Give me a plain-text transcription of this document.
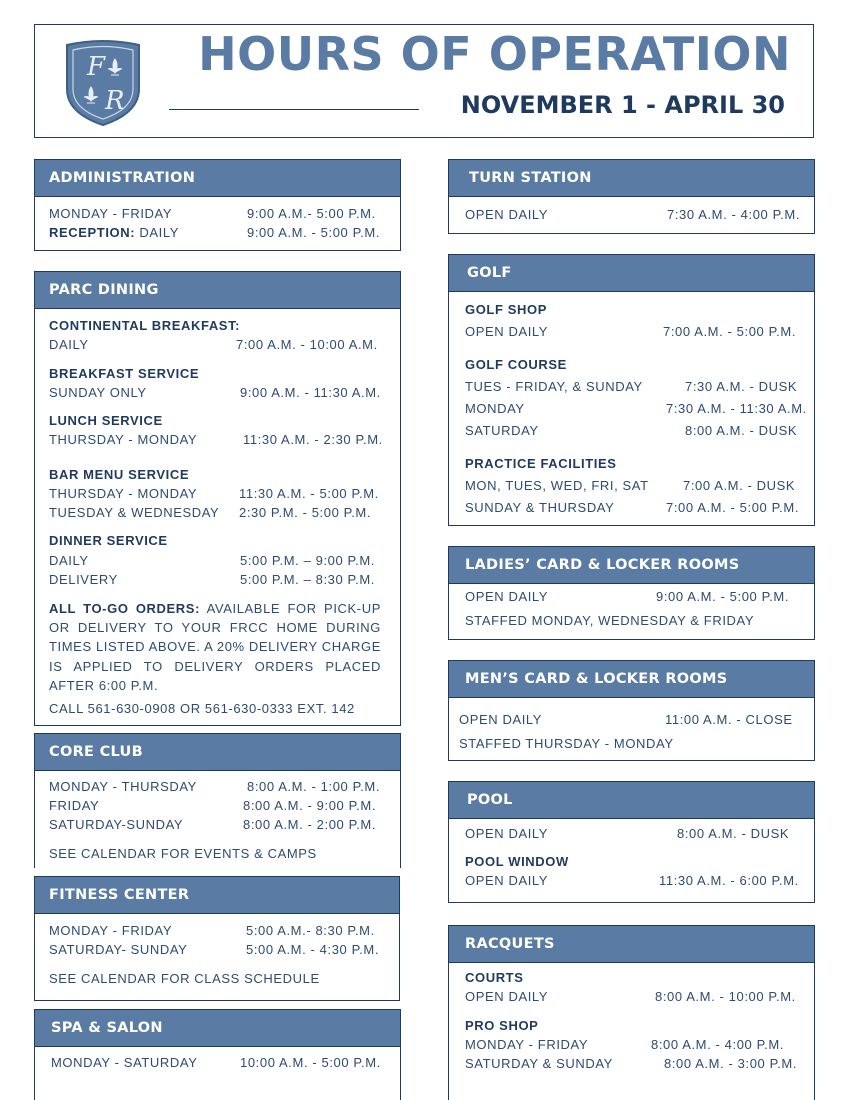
F
R
HOURS OF OPERATION
NOVEMBER 1 - APRIL 30
ADMINISTRATION
MONDAY - FRIDAY	9:00 A.M.- 5:00 P.M.
RECEPTION: DAILY	9:00 A.M. - 5:00 P.M.
PARC DINING
CONTINENTAL BREAKFAST:
DAILY	7:00 A.M. - 10:00 A.M.
BREAKFAST SERVICE
SUNDAY ONLY	9:00 A.M. - 11:30 A.M.
LUNCH SERVICE
THURSDAY - MONDAY	11:30 A.M. - 2:30 P.M.
BAR MENU SERVICE
THURSDAY - MONDAY	11:30 A.M. - 5:00 P.M.
TUESDAY & WEDNESDAY 2:30 P.M. - 5:00 P.M.
DINNER SERVICE
DAILY	5:00 P.M. – 9:00 P.M.
DELIVERY	5:00 P.M. – 8:30 P.M.
ALL TO-GO ORDERS: AVAILABLE FOR PICK-UP OR DELIVERY TO YOUR FRCC HOME DURING TIMES LISTED ABOVE. A 20% DELIVERY CHARGE IS APPLIED TO DELIVERY ORDERS PLACED AFTER 6:00 P.M.
CALL 561-630-0908 OR 561-630-0333 EXT. 142
CORE CLUB
MONDAY - THURSDAY	8:00 A.M. - 1:00 P.M.
FRIDAY	8:00 A.M. - 9:00 P.M.
SATURDAY-SUNDAY	8:00 A.M. - 2:00 P.M.
SEE CALENDAR FOR EVENTS & CAMPS
FITNESS CENTER
MONDAY - FRIDAY	5:00 A.M.- 8:30 P.M.
SATURDAY- SUNDAY	5:00 A.M. - 4:30 P.M.
SEE CALENDAR FOR CLASS SCHEDULE
SPA & SALON
MONDAY - SATURDAY	10:00 A.M. - 5:00 P.M.
TURN STATION
OPEN DAILY	7:30 A.M. - 4:00 P.M.
GOLF
GOLF SHOP
OPEN DAILY	7:00 A.M. - 5:00 P.M.
GOLF COURSE
TUES - FRIDAY, & SUNDAY	7:30 A.M. - DUSK
MONDAY	7:30 A.M. - 11:30 A.M.
SATURDAY	8:00 A.M. - DUSK
PRACTICE FACILITIES
MON, TUES, WED, FRI, SAT	7:00 A.M. - DUSK
SUNDAY & THURSDAY	7:00 A.M. - 5:00 P.M.
LADIES’ CARD & LOCKER ROOMS
OPEN DAILY	9:00 A.M. - 5:00 P.M.
STAFFED MONDAY, WEDNESDAY & FRIDAY
MEN’S CARD & LOCKER ROOMS
OPEN DAILY	11:00 A.M. - CLOSE
STAFFED THURSDAY - MONDAY
POOL
OPEN DAILY	8:00 A.M. - DUSK
POOL WINDOW
OPEN DAILY	11:30 A.M. - 6:00 P.M.
RACQUETS
COURTS
OPEN DAILY	8:00 A.M. - 10:00 P.M.
PRO SHOP
MONDAY - FRIDAY	8:00 A.M. - 4:00 P.M.
SATURDAY & SUNDAY	8:00 A.M. - 3:00 P.M.
